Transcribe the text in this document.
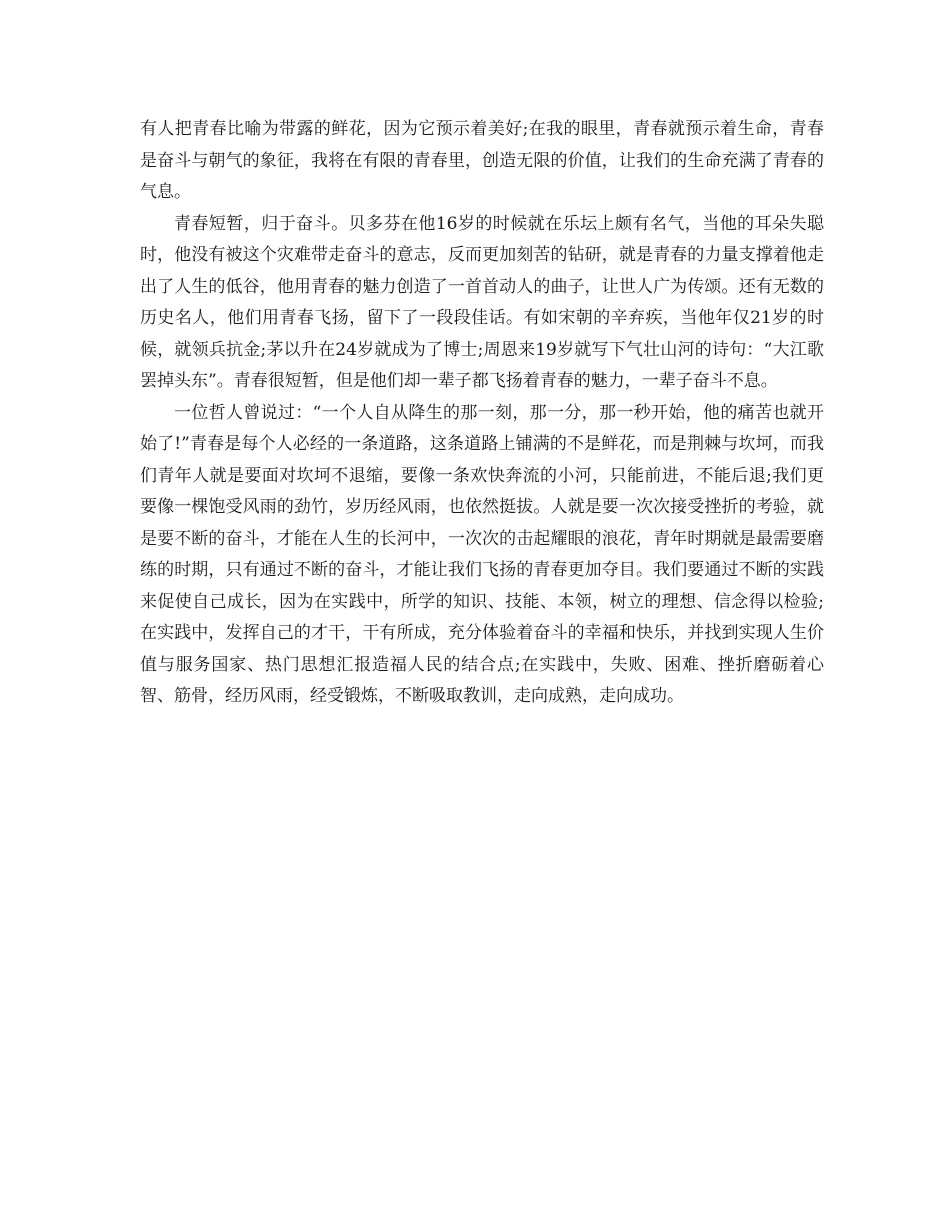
有人把青春比喻为带露的鲜花，因为它预示着美好;在我的眼里，青春就预示着生命，青春是奋斗与朝气的象征，我将在有限的青春里，创造无限的价值，让我们的生命充满了青春的气息。

青春短暂，归于奋斗。贝多芬在他16岁的时候就在乐坛上颇有名气，当他的耳朵失聪时，他没有被这个灾难带走奋斗的意志，反而更加刻苦的钻研，就是青春的力量支撑着他走出了人生的低谷，他用青春的魅力创造了一首首动人的曲子，让世人广为传颂。还有无数的历史名人，他们用青春飞扬，留下了一段段佳话。有如宋朝的辛弃疾，当他年仅21岁的时候，就领兵抗金;茅以升在24岁就成为了博士;周恩来19岁就写下气壮山河的诗句：“大江歌罢掉头东”。青春很短暂，但是他们却一辈子都飞扬着青春的魅力，一辈子奋斗不息。

一位哲人曾说过：“一个人自从降生的那一刻，那一分，那一秒开始，他的痛苦也就开始了!”青春是每个人必经的一条道路，这条道路上铺满的不是鲜花，而是荆棘与坎坷，而我们青年人就是要面对坎坷不退缩，要像一条欢快奔流的小河，只能前进，不能后退;我们更要像一棵饱受风雨的劲竹，岁历经风雨，也依然挺拔。人就是要一次次接受挫折的考验，就是要不断的奋斗，才能在人生的长河中，一次次的击起耀眼的浪花，青年时期就是最需要磨练的时期，只有通过不断的奋斗，才能让我们飞扬的青春更加夺目。我们要通过不断的实践来促使自己成长，因为在实践中，所学的知识、技能、本领，树立的理想、信念得以检验;在实践中，发挥自己的才干，干有所成，充分体验着奋斗的幸福和快乐，并找到实现人生价值与服务国家、热门思想汇报造福人民的结合点;在实践中，失败、困难、挫折磨砺着心智、筋骨，经历风雨，经受锻炼，不断吸取教训，走向成熟，走向成功。
